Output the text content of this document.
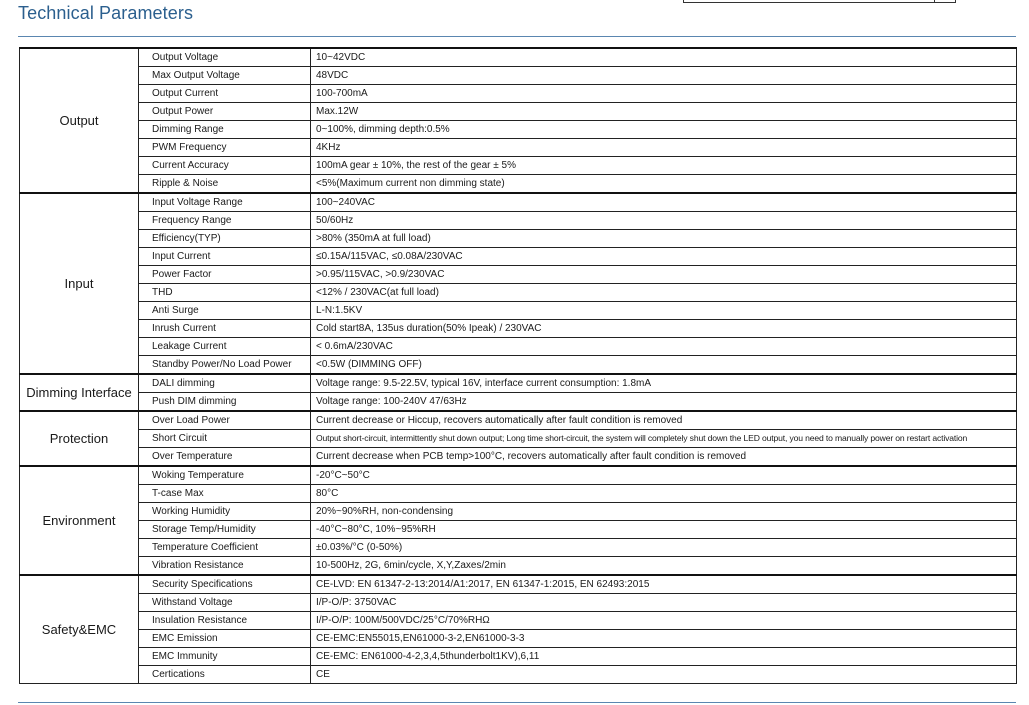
Technical Parameters
Output	Output Voltage	10~42VDC
	Max Output Voltage	48VDC
	Output Current	100-700mA
	Output Power	Max.12W
	Dimming Range	0~100%, dimming depth:0.5%
	PWM Frequency	4KHz
	Current Accuracy	100mA gear ± 10%, the rest of the gear ± 5%
	Ripple & Noise	<5%(Maximum current non dimming state)
Input	Input Voltage Range	100~240VAC
	Frequency Range	50/60Hz
	Efficiency(TYP)	>80% (350mA at full load)
	Input Current	≤0.15A/115VAC, ≤0.08A/230VAC
	Power Factor	>0.95/115VAC, >0.9/230VAC
	THD	<12% / 230VAC(at full load)
	Anti Surge	L-N:1.5KV
	Inrush Current	Cold start8A, 135us duration(50% Ipeak) / 230VAC
	Leakage Current	< 0.6mA/230VAC
	Standby Power/No Load Power	<0.5W (DIMMING OFF)
Dimming Interface	DALI dimming	Voltage range: 9.5-22.5V, typical 16V, interface current consumption: 1.8mA
	Push DIM dimming	Voltage range: 100-240V 47/63Hz
Protection	Over Load Power	Current decrease or Hiccup, recovers automatically after fault condition is removed
	Short Circuit	Output short-circuit, intermittently shut down output; Long time short-circuit, the system will completely shut down the LED output, you need to manually power on restart activation
	Over Temperature	Current decrease when PCB temp>100°C, recovers automatically after fault condition is removed
Environment	Woking Temperature	-20°C~50°C
	T-case Max	80°C
	Working Humidity	20%~90%RH, non-condensing
	Storage Temp/Humidity	-40°C~80°C, 10%~95%RH
	Temperature Coefficient	±0.03%/°C (0-50%)
	Vibration Resistance	10-500Hz, 2G, 6min/cycle, X,Y,Zaxes/2min
Safety&EMC	Security Specifications	CE-LVD: EN 61347-2-13:2014/A1:2017, EN 61347-1:2015, EN 62493:2015
	Withstand Voltage	I/P-O/P: 3750VAC
	Insulation Resistance	I/P-O/P: 100M/500VDC/25°C/70%RHΩ
	EMC Emission	CE-EMC:EN55015,EN61000-3-2,EN61000-3-3
	EMC Immunity	CE-EMC: EN61000-4-2,3,4,5thunderbolt1KV),6,11
	Certications	CE
